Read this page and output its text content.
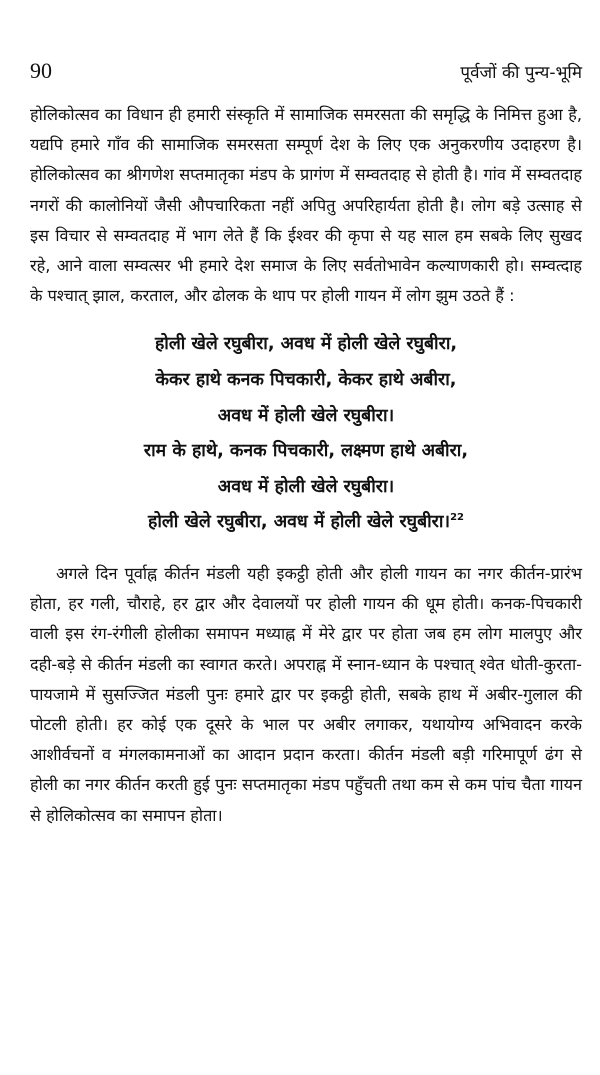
90	पूर्वजों की पुन्य-भूमि

होलिकोत्सव का विधान ही हमारी संस्कृति में सामाजिक समरसता की समृद्धि के निमित्त हुआ है, यद्यपि हमारे गाँव की सामाजिक समरसता सम्पूर्ण देश के लिए एक अनुकरणीय उदाहरण है। होलिकोत्सव का श्रीगणेश सप्तमातृका मंडप के प्रागंण में सम्वतदाह से होती है। गांव में सम्वतदाह नगरों की कालोनियों जैसी औपचारिकता नहीं अपितु अपरिहार्यता होती है। लोग बड़े उत्साह से इस विचार से सम्वतदाह में भाग लेते हैं कि ईश्वर की कृपा से यह साल हम सबके लिए सुखद रहे, आने वाला सम्वत्सर भी हमारे देश समाज के लिए सर्वतोभावेन कल्याणकारी हो। सम्वत्दाह के पश्चात् झाल, करताल, और ढोलक के थाप पर होली गायन में लोग झुम उठते हैं :

होली खेले रघुबीरा, अवध में होली खेले रघुबीरा,
केकर हाथे कनक पिचकारी, केकर हाथे अबीरा,
अवध में होली खेले रघुबीरा।
राम के हाथे, कनक पिचकारी, लक्ष्मण हाथे अबीरा,
अवध में होली खेले रघुबीरा।
होली खेले रघुबीरा, अवध में होली खेले रघुबीरा।$^{22}$

अगले दिन पूर्वाह्न कीर्तन मंडली यही इकट्ठी होती और होली गायन का नगर कीर्तन-प्रारंभ होता, हर गली, चौराहे, हर द्वार और देवालयों पर होली गायन की धूम होती। कनक-पिचकारी वाली इस रंग-रंगीली होलीका समापन मध्याह्न में मेरे द्वार पर होता जब हम लोग मालपुए और दही-बड़े से कीर्तन मंडली का स्वागत करते। अपराह्न में स्नान-ध्यान के पश्चात् श्वेत धोती-कुरता-पायजामे में सुसज्जित मंडली पुनः हमारे द्वार पर इकट्ठी होती, सबके हाथ में अबीर-गुलाल की पोटली होती। हर कोई एक दूसरे के भाल पर अबीर लगाकर, यथायोग्य अभिवादन करके आशीर्वचनों व मंगलकामनाओं का आदान प्रदान करता। कीर्तन मंडली बड़ी गरिमापूर्ण ढंग से होली का नगर कीर्तन करती हुई पुनः सप्तमातृका मंडप पहुँचती तथा कम से कम पांच चैता गायन से होलिकोत्सव का समापन होता।
